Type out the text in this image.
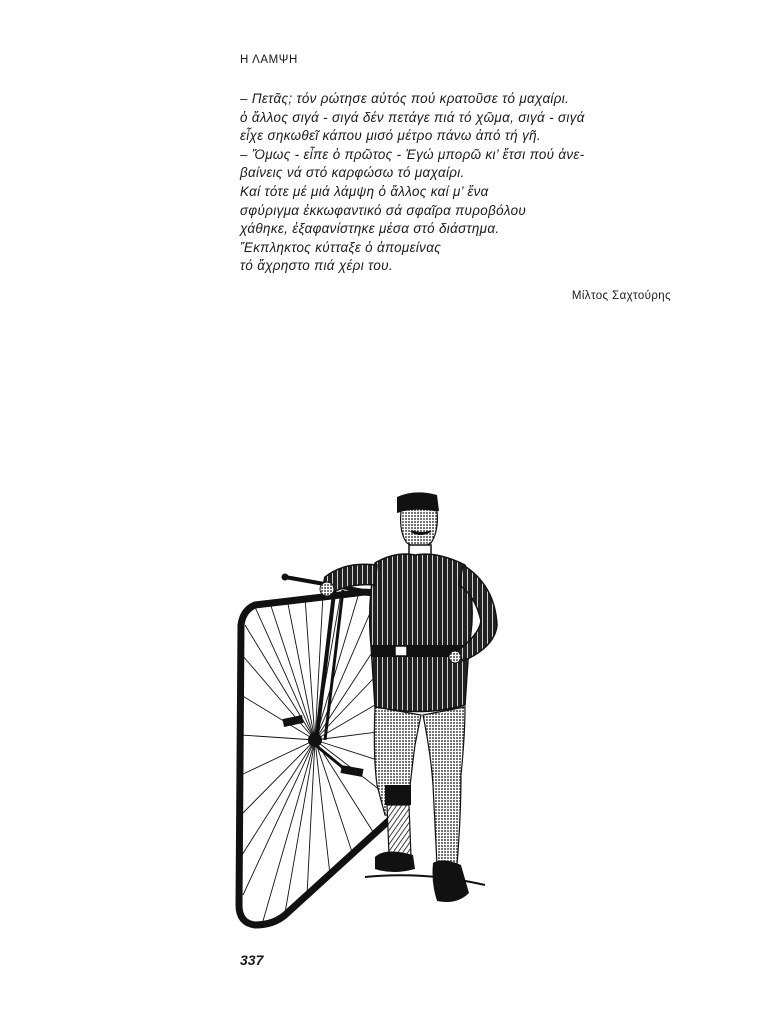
Η ΛΑΜΨΗ
– Πετᾶς; τόν ρώτησε αὐτός πού κρατοῦσε τό μαχαίρι.
ὁ ἄλλος σιγά - σιγά δέν πετάγε πιά τό χῶμα, σιγά - σιγά
εἶχε σηκωθεῖ κάπου μισό μέτρο πάνω ἀπό τή γῆ.
– Ὅμως - εἶπε ὁ πρῶτος - Ἐγώ μπορῶ κι’ ἔτσι πού ἀνε-
βαίνεις νά στό καρφώσω τό μαχαίρι.
Καί τότε μέ μιά λάμψη ὁ ἄλλος καί μ’ ἕνα
σφύριγμα ἐκκωφαντικό σά σφαῖρα πυροβόλου
χάθηκε, ἐξαφανίστηκε μέσα στό διάστημα.
Ἔκπληκτος κύτταξε ὁ ἀπομείνας
τό ἄχρηστο πιά χέρι του.
Μίλτος Σαχτούρης
337
